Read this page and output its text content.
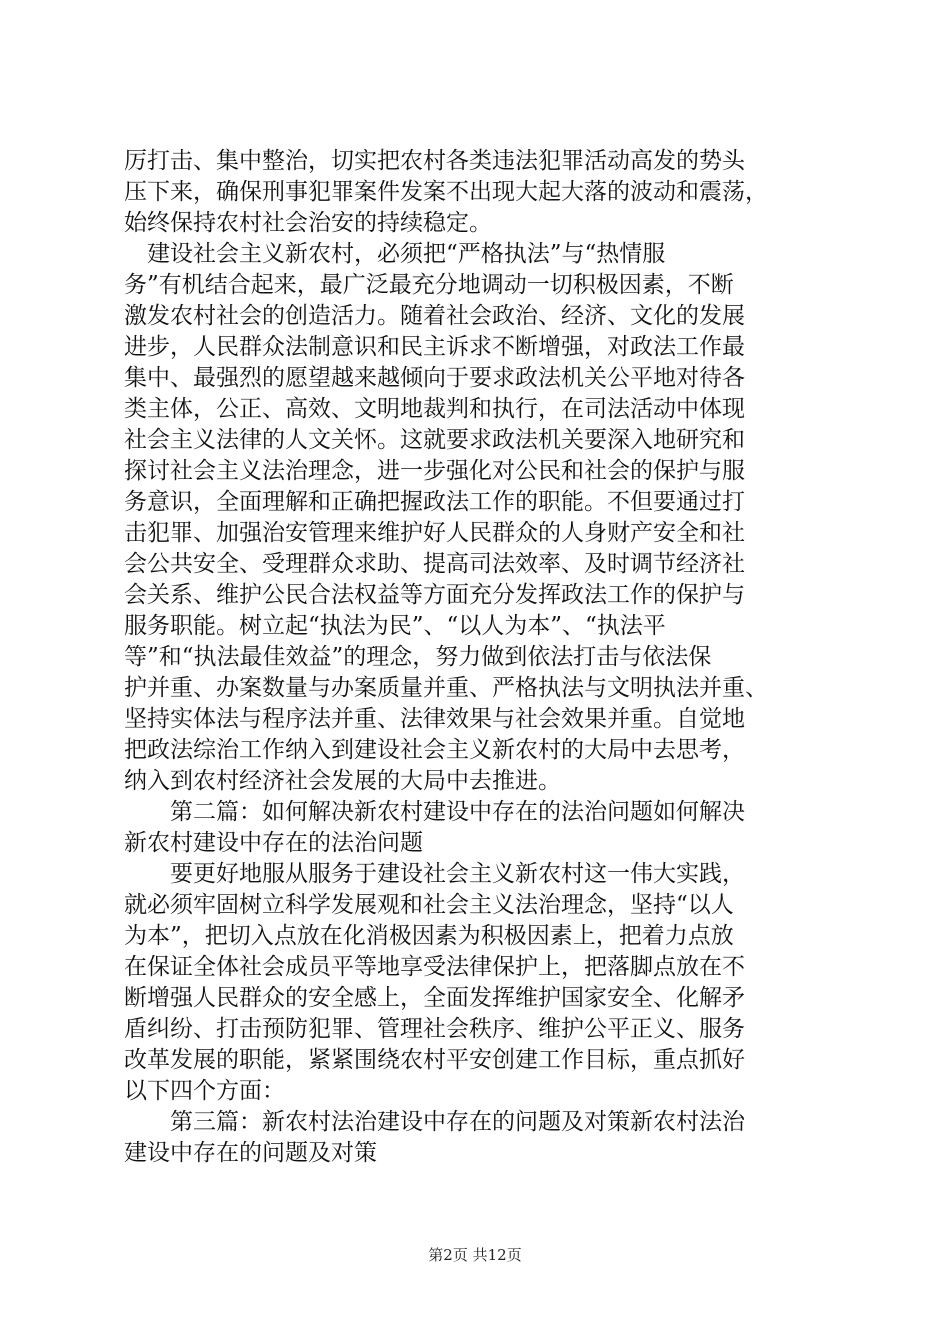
厉打击、集中整治，切实把农村各类违法犯罪活动高发的势头
压下来，确保刑事犯罪案件发案不出现大起大落的波动和震荡，
始终保持农村社会治安的持续稳定。
　建设社会主义新农村，必须把“严格执法”与“热情服
务”有机结合起来，最广泛最充分地调动一切积极因素，不断
激发农村社会的创造活力。随着社会政治、经济、文化的发展
进步，人民群众法制意识和民主诉求不断增强，对政法工作最
集中、最强烈的愿望越来越倾向于要求政法机关公平地对待各
类主体，公正、高效、文明地裁判和执行，在司法活动中体现
社会主义法律的人文关怀。这就要求政法机关要深入地研究和
探讨社会主义法治理念，进一步强化对公民和社会的保护与服
务意识，全面理解和正确把握政法工作的职能。不但要通过打
击犯罪、加强治安管理来维护好人民群众的人身财产安全和社
会公共安全、受理群众求助、提高司法效率、及时调节经济社
会关系、维护公民合法权益等方面充分发挥政法工作的保护与
服务职能。树立起“执法为民”、“以人为本”、“执法平
等”和“执法最佳效益”的理念，努力做到依法打击与依法保
护并重、办案数量与办案质量并重、严格执法与文明执法并重、
坚持实体法与程序法并重、法律效果与社会效果并重。自觉地
把政法综治工作纳入到建设社会主义新农村的大局中去思考，
纳入到农村经济社会发展的大局中去推进。
　　第二篇：如何解决新农村建设中存在的法治问题如何解决
新农村建设中存在的法治问题
　　要更好地服从服务于建设社会主义新农村这一伟大实践，
就必须牢固树立科学发展观和社会主义法治理念，坚持“以人
为本”，把切入点放在化消极因素为积极因素上，把着力点放
在保证全体社会成员平等地享受法律保护上，把落脚点放在不
断增强人民群众的安全感上，全面发挥维护国家安全、化解矛
盾纠纷、打击预防犯罪、管理社会秩序、维护公平正义、服务
改革发展的职能，紧紧围绕农村平安创建工作目标，重点抓好
以下四个方面：
　　第三篇：新农村法治建设中存在的问题及对策新农村法治
建设中存在的问题及对策
第2页 共12页
